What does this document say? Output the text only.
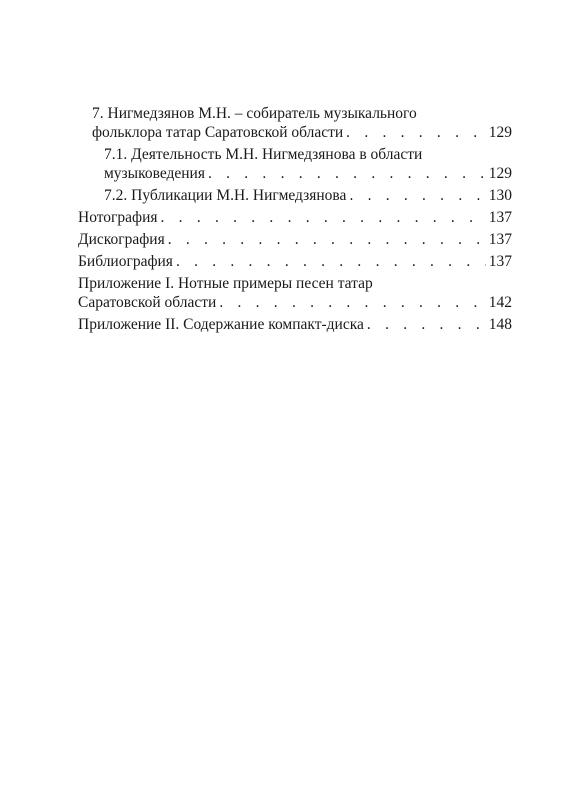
7. Нигмедзянов М.Н. – собиратель музыкального
фольклора татар Саратовской области . . .	129
7.1. Деятельность М.Н. Нигмедзянова в области
музыковедения . . .	129
7.2. Публикации М.Н. Нигмедзянова . . .	130
Нотография . . .	137
Дискография . . .	137
Библиография . . .	137
Приложение I. Нотные примеры песен татар
Саратовской области . . .	142
Приложение II. Содержание компакт-диска . . .	148
